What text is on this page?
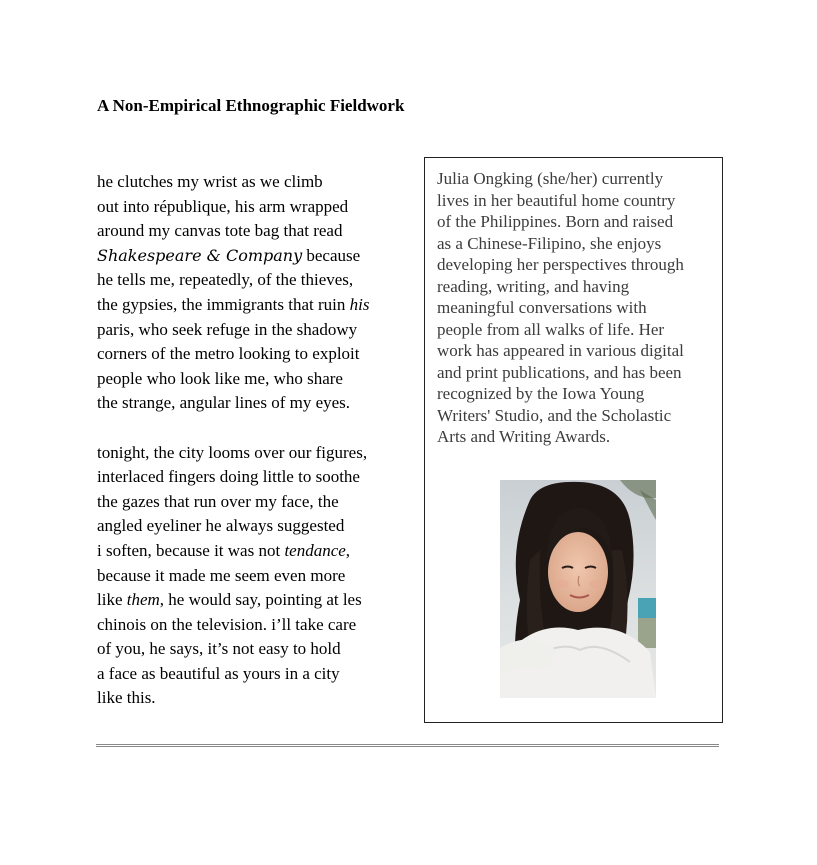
A Non-Empirical Ethnographic Fieldwork
he clutches my wrist as we climb
out into république, his arm wrapped
around my canvas tote bag that read
Shakespeare & Company because
he tells me, repeatedly, of the thieves,
the gypsies, the immigrants that ruin his
paris, who seek refuge in the shadowy
corners of the metro looking to exploit
people who look like me, who share
the strange, angular lines of my eyes.
tonight, the city looms over our figures,
interlaced fingers doing little to soothe
the gazes that run over my face, the
angled eyeliner he always suggested
i soften, because it was not tendance,
because it made me seem even more
like them, he would say, pointing at les
chinois on the television. i’ll take care
of you, he says, it’s not easy to hold
a face as beautiful as yours in a city
like this.
Julia Ongking (she/her) currently
lives in her beautiful home country
of the Philippines. Born and raised
as a Chinese-Filipino, she enjoys
developing her perspectives through
reading, writing, and having
meaningful conversations with
people from all walks of life. Her
work has appeared in various digital
and print publications, and has been
recognized by the Iowa Young
Writers' Studio, and the Scholastic
Arts and Writing Awards.
